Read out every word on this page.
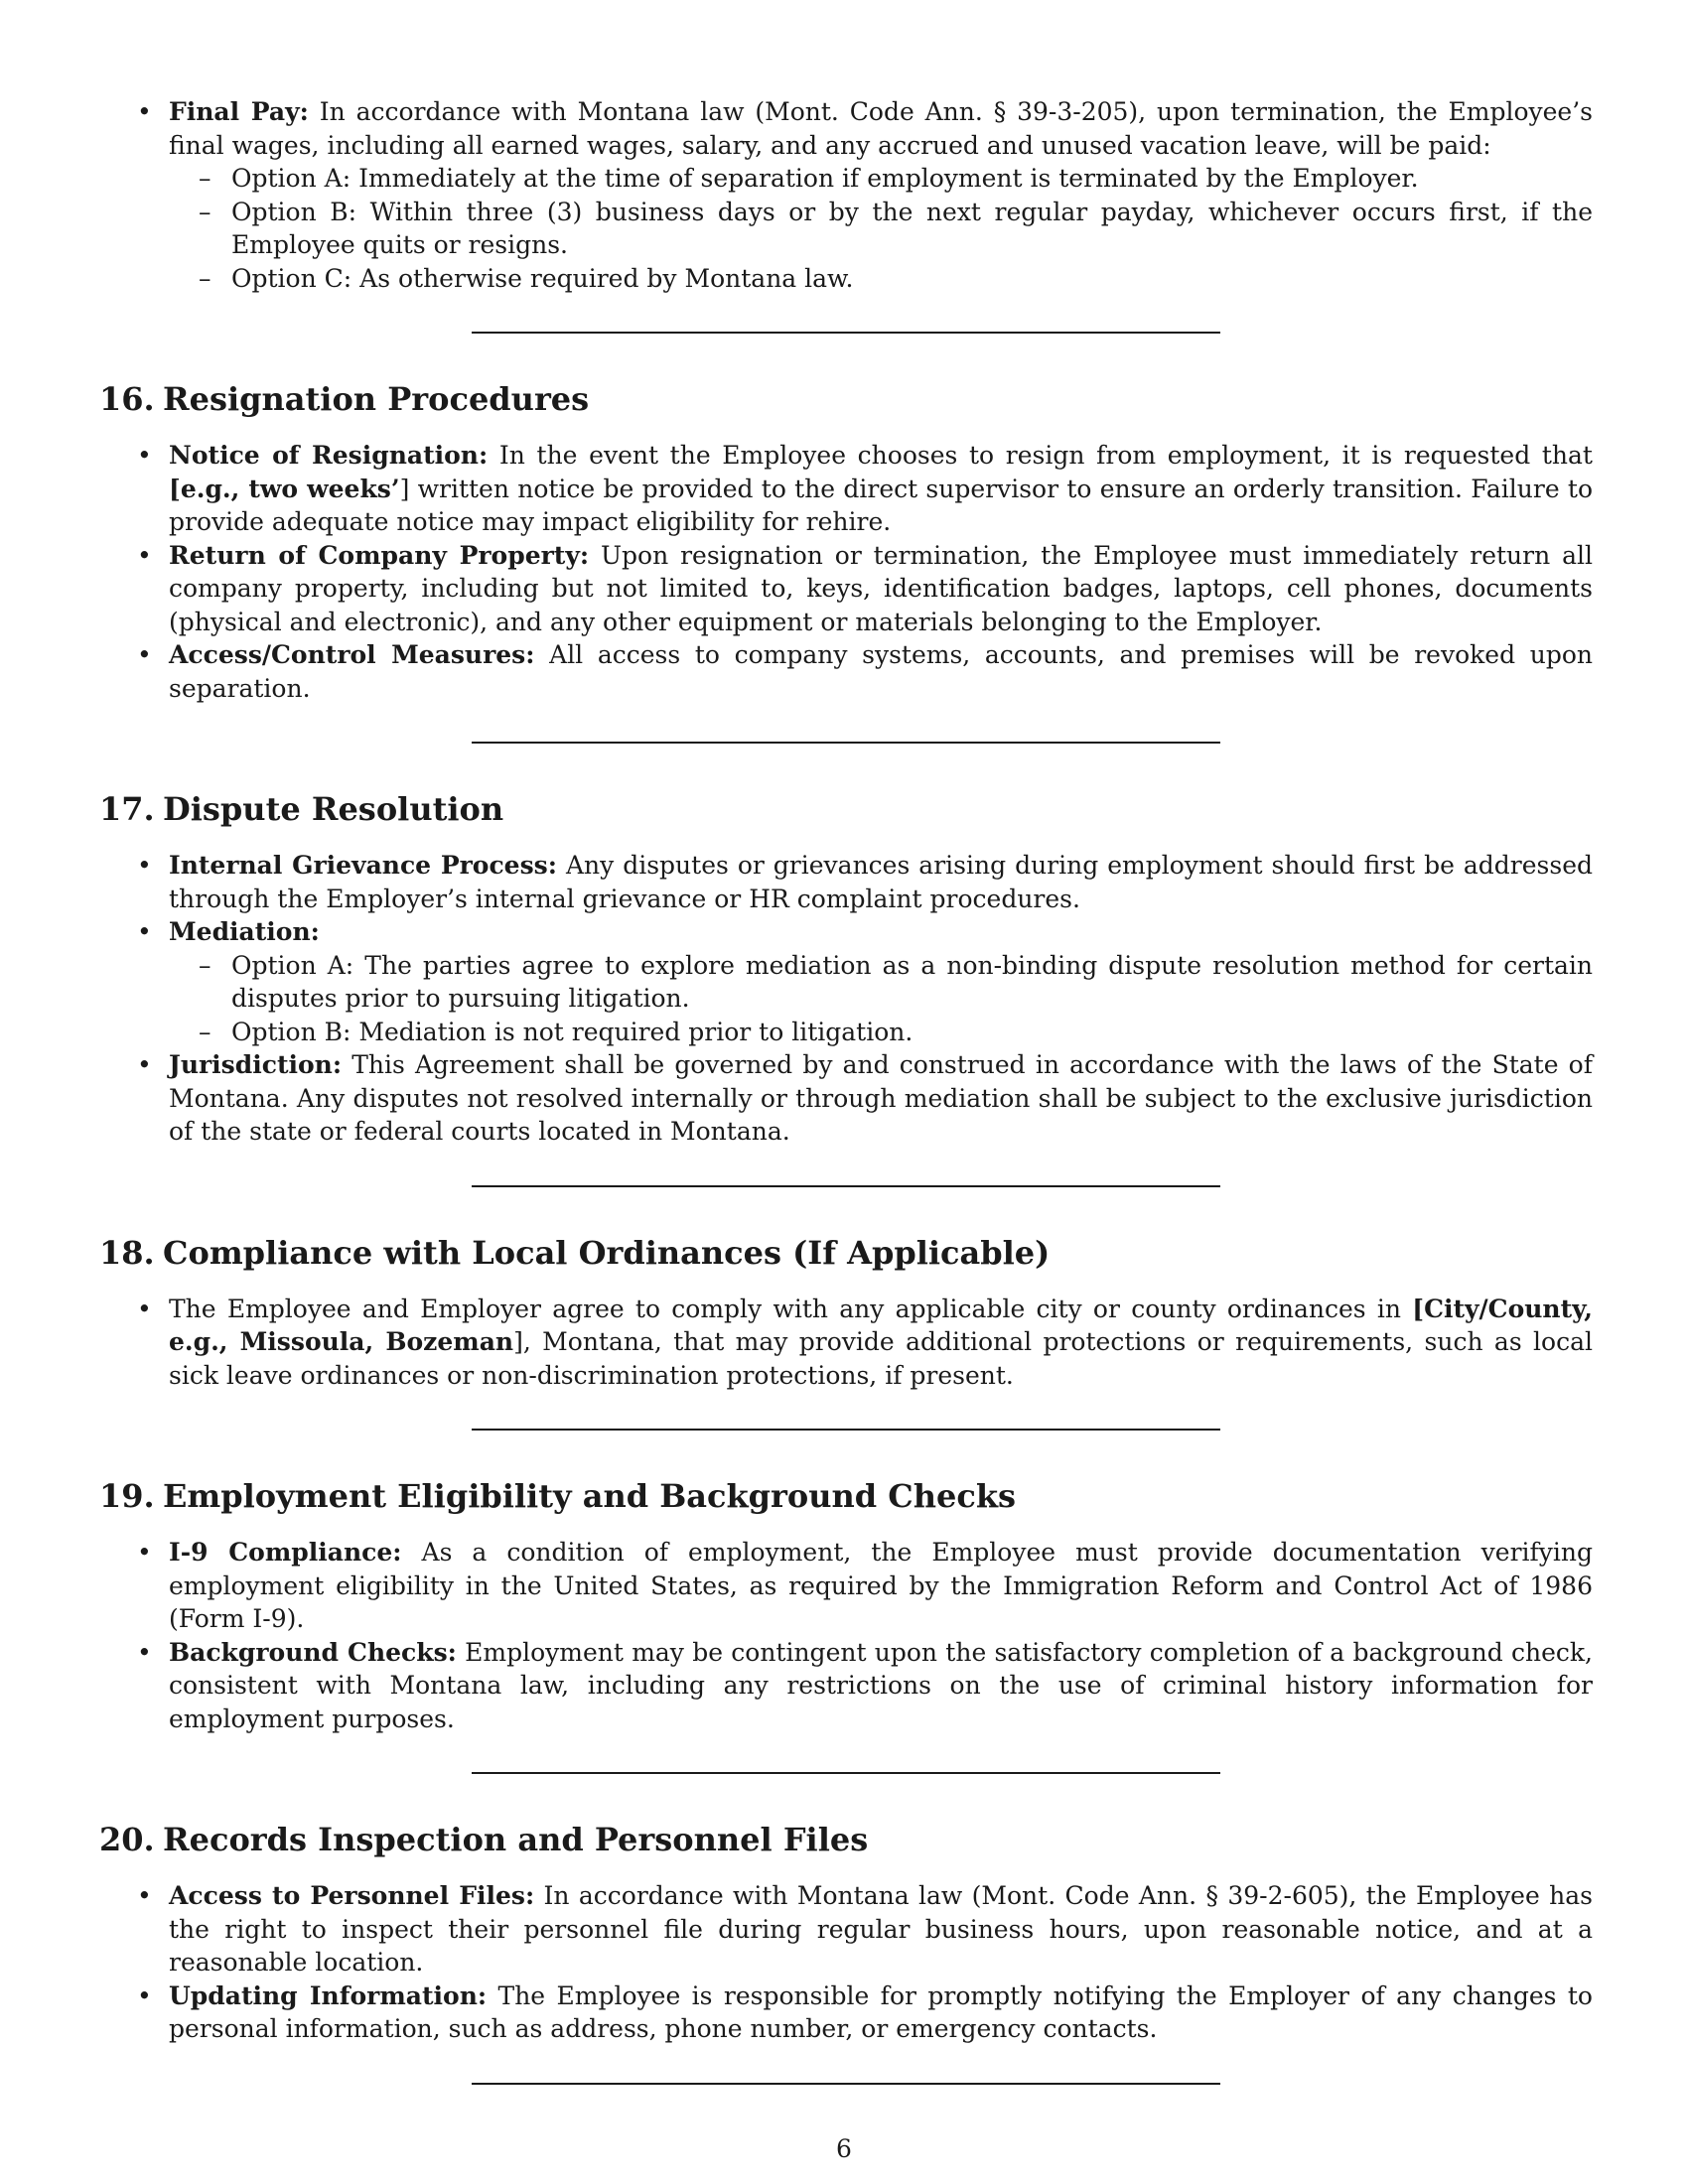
• Final Pay: In accordance with Montana law (Mont. Code Ann. § 39-3-205), upon termination, the Employee’s final wages, including all earned wages, salary, and any accrued and unused vacation leave, will be paid:
– Option A: Immediately at the time of separation if employment is terminated by the Employer.
– Option B: Within three (3) business days or by the next regular payday, whichever occurs first, if the Employee quits or resigns.
– Option C: As otherwise required by Montana law.
16. Resignation Procedures
• Notice of Resignation: In the event the Employee chooses to resign from employment, it is requested that [e.g., two weeks’] written notice be provided to the direct supervisor to ensure an orderly transition. Failure to provide adequate notice may impact eligibility for rehire.
• Return of Company Property: Upon resignation or termination, the Employee must immediately return all company property, including but not limited to, keys, identification badges, laptops, cell phones, documents (physical and electronic), and any other equipment or materials belonging to the Employer.
• Access/Control Measures: All access to company systems, accounts, and premises will be revoked upon separation.
17. Dispute Resolution
• Internal Grievance Process: Any disputes or grievances arising during employment should first be addressed through the Employer’s internal grievance or HR complaint procedures.
• Mediation:
– Option A: The parties agree to explore mediation as a non-binding dispute resolution method for certain disputes prior to pursuing litigation.
– Option B: Mediation is not required prior to litigation.
• Jurisdiction: This Agreement shall be governed by and construed in accordance with the laws of the State of Montana. Any disputes not resolved internally or through mediation shall be subject to the exclusive jurisdiction of the state or federal courts located in Montana.
18. Compliance with Local Ordinances (If Applicable)
• The Employee and Employer agree to comply with any applicable city or county ordinances in [City/County, e.g., Missoula, Bozeman], Montana, that may provide additional protections or requirements, such as local sick leave ordinances or non-discrimination protections, if present.
19. Employment Eligibility and Background Checks
• I-9 Compliance: As a condition of employment, the Employee must provide documentation verifying employment eligibility in the United States, as required by the Immigration Reform and Control Act of 1986 (Form I-9).
• Background Checks: Employment may be contingent upon the satisfactory completion of a background check, consistent with Montana law, including any restrictions on the use of criminal history information for employment purposes.
20. Records Inspection and Personnel Files
• Access to Personnel Files: In accordance with Montana law (Mont. Code Ann. § 39-2-605), the Employee has the right to inspect their personnel file during regular business hours, upon reasonable notice, and at a reasonable location.
• Updating Information: The Employee is responsible for promptly notifying the Employer of any changes to personal information, such as address, phone number, or emergency contacts.
6
